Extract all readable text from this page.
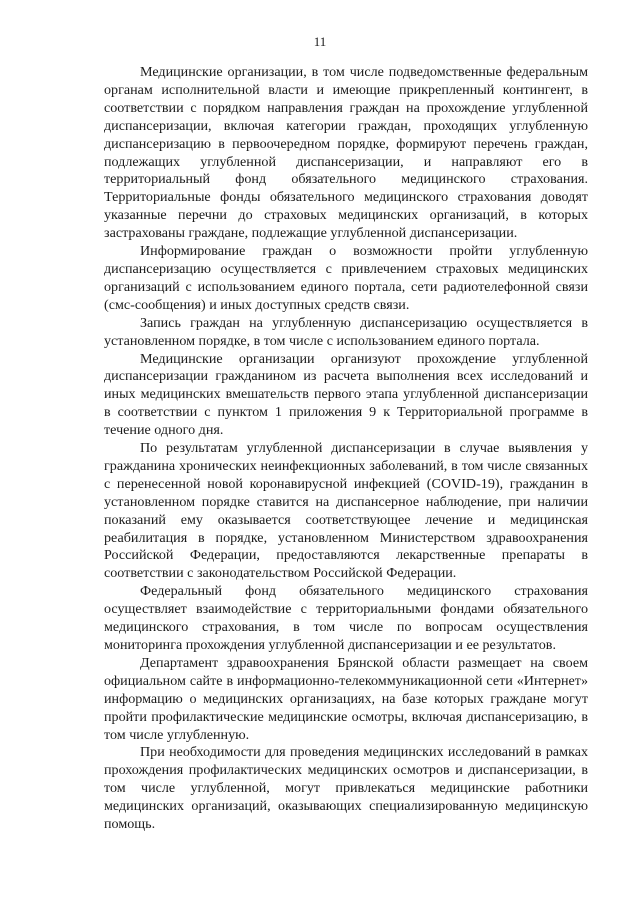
11

Медицинские организации, в том числе подведомственные федеральным органам исполнительной власти и имеющие прикрепленный контингент, в соответствии с порядком направления граждан на прохождение углубленной диспансеризации, включая категории граждан, проходящих углубленную диспансеризацию в первоочередном порядке, формируют перечень граждан, подлежащих углубленной диспансеризации, и направляют его в территориальный фонд обязательного медицинского страхования. Территориальные фонды обязательного медицинского страхования доводят указанные перечни до страховых медицинских организаций, в которых застрахованы граждане, подлежащие углубленной диспансеризации.

Информирование граждан о возможности пройти углубленную диспансеризацию осуществляется с привлечением страховых медицинских организаций с использованием единого портала, сети радиотелефонной связи (смс-сообщения) и иных доступных средств связи.

Запись граждан на углубленную диспансеризацию осуществляется в установленном порядке, в том числе с использованием единого портала.

Медицинские организации организуют прохождение углубленной диспансеризации гражданином из расчета выполнения всех исследований и иных медицинских вмешательств первого этапа углубленной диспансеризации в соответствии с пунктом 1 приложения 9 к Территориальной программе в течение одного дня.

По результатам углубленной диспансеризации в случае выявления у гражданина хронических неинфекционных заболеваний, в том числе связанных с перенесенной новой коронавирусной инфекцией (COVID-19), гражданин в установленном порядке ставится на диспансерное наблюдение, при наличии показаний ему оказывается соответствующее лечение и медицинская реабилитация в порядке, установленном Министерством здравоохранения Российской Федерации, предоставляются лекарственные препараты в соответствии с законодательством Российской Федерации.

Федеральный фонд обязательного медицинского страхования осуществляет взаимодействие с территориальными фондами обязательного медицинского страхования, в том числе по вопросам осуществления мониторинга прохождения углубленной диспансеризации и ее результатов.

Департамент здравоохранения Брянской области размещает на своем официальном сайте в информационно-телекоммуникационной сети «Интернет» информацию о медицинских организациях, на базе которых граждане могут пройти профилактические медицинские осмотры, включая диспансеризацию, в том числе углубленную.

При необходимости для проведения медицинских исследований в рамках прохождения профилактических медицинских осмотров и диспансеризации, в том числе углубленной, могут привлекаться медицинские работники медицинских организаций, оказывающих специализированную медицинскую помощь.
